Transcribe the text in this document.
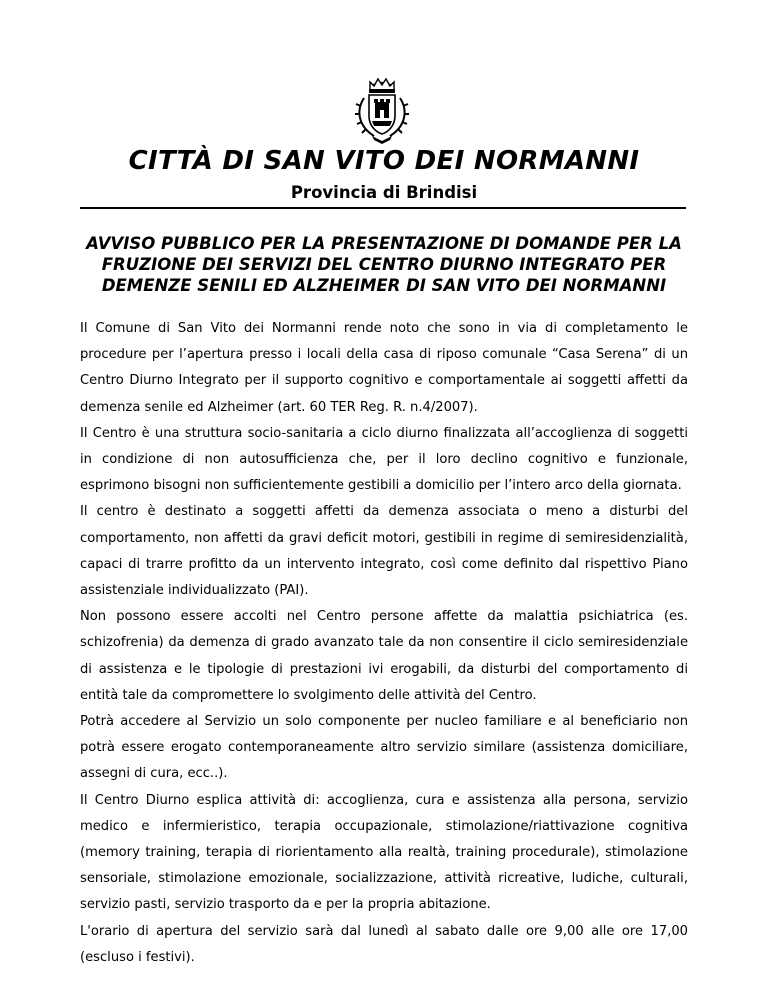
CITTÀ DI SAN VITO DEI NORMANNI
Provincia di Brindisi
AVVISO PUBBLICO PER LA PRESENTAZIONE DI DOMANDE PER LA
FRUZIONE DEI SERVIZI DEL CENTRO DIURNO INTEGRATO PER
DEMENZE SENILI ED ALZHEIMER DI SAN VITO DEI NORMANNI

Il Comune di San Vito dei Normanni rende noto che sono in via di completamento le procedure per l’apertura presso i locali della casa di riposo comunale “Casa Serena” di un Centro Diurno Integrato per il supporto cognitivo e comportamentale ai soggetti affetti da demenza senile ed Alzheimer (art. 60 TER Reg. R. n.4/2007).

Il Centro è una struttura socio-sanitaria a ciclo diurno finalizzata all’accoglienza di soggetti in condizione di non autosufficienza che, per il loro declino cognitivo e funzionale, esprimono bisogni non sufficientemente gestibili a domicilio per l’intero arco della giornata.

Il centro è destinato a soggetti affetti da demenza associata o meno a disturbi del comportamento, non affetti da gravi deficit motori, gestibili in regime di semiresidenzialità, capaci di trarre profitto da un intervento integrato, così come definito dal rispettivo Piano assistenziale individualizzato (PAI).

Non possono essere accolti nel Centro persone affette da malattia psichiatrica (es. schizofrenia) da demenza di grado avanzato tale da non consentire il ciclo semiresidenziale di assistenza e le tipologie di prestazioni ivi erogabili, da disturbi del comportamento di entità tale da compromettere lo svolgimento delle attività del Centro.

Potrà accedere al Servizio un solo componente per nucleo familiare e al beneficiario non potrà essere erogato contemporaneamente altro servizio similare (assistenza domiciliare, assegni di cura, ecc..).

Il Centro Diurno esplica attività di: accoglienza, cura e assistenza alla persona, servizio medico e infermieristico, terapia occupazionale, stimolazione/riattivazione cognitiva (memory training, terapia di riorientamento alla realtà, training procedurale), stimolazione sensoriale, stimolazione emozionale, socializzazione, attività ricreative, ludiche, culturali, servizio pasti, servizio trasporto da e per la propria abitazione.

L'orario di apertura del servizio sarà dal lunedì al sabato dalle ore 9,00 alle ore 17,00 (escluso i festivi).
